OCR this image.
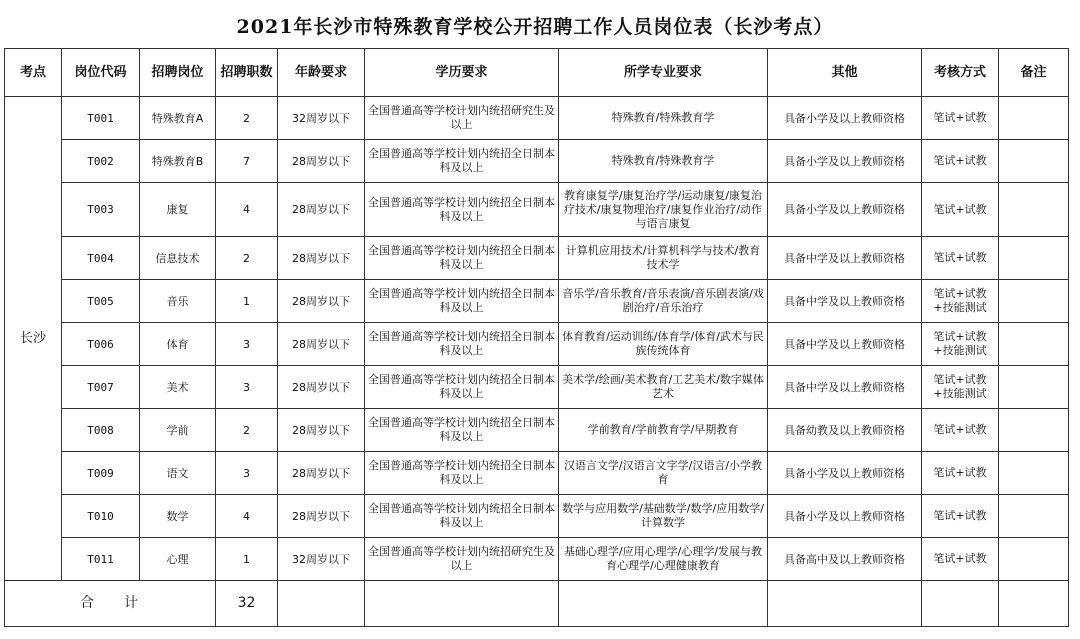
2021年长沙市特殊教育学校公开招聘工作人员岗位表（长沙考点）
考点	岗位代码	招聘岗位	招聘职数	年龄要求	学历要求	所学专业要求	其他	考核方式	备注
长沙	T001	特殊教育A	2	32周岁以下	全国普通高等学校计划内统招研究生及以上	特殊教育/特殊教育学	具备小学及以上教师资格	笔试+试教	
	T002	特殊教育B	7	28周岁以下	全国普通高等学校计划内统招全日制本科及以上	特殊教育/特殊教育学	具备小学及以上教师资格	笔试+试教	
	T003	康复	4	28周岁以下	全国普通高等学校计划内统招全日制本科及以上	教育康复学/康复治疗学/运动康复/康复治疗技术/康复物理治疗/康复作业治疗/动作与语言康复	具备小学及以上教师资格	笔试+试教	
	T004	信息技术	2	28周岁以下	全国普通高等学校计划内统招全日制本科及以上	计算机应用技术/计算机科学与技术/教育技术学	具备中学及以上教师资格	笔试+试教	
	T005	音乐	1	28周岁以下	全国普通高等学校计划内统招全日制本科及以上	音乐学/音乐教育/音乐表演/音乐剧表演/戏剧治疗/音乐治疗	具备中学及以上教师资格	笔试+试教+技能测试	
	T006	体育	3	28周岁以下	全国普通高等学校计划内统招全日制本科及以上	体育教育/运动训练/体育学/体育/武术与民族传统体育	具备中学及以上教师资格	笔试+试教+技能测试	
	T007	美术	3	28周岁以下	全国普通高等学校计划内统招全日制本科及以上	美术学/绘画/美术教育/工艺美术/数字媒体艺术	具备中学及以上教师资格	笔试+试教+技能测试	
	T008	学前	2	28周岁以下	全国普通高等学校计划内统招全日制本科及以上	学前教育/学前教育学/早期教育	具备幼教及以上教师资格	笔试+试教	
	T009	语文	3	28周岁以下	全国普通高等学校计划内统招全日制本科及以上	汉语言文学/汉语言文字学/汉语言/小学教育	具备小学及以上教师资格	笔试+试教	
	T010	数学	4	28周岁以下	全国普通高等学校计划内统招全日制本科及以上	数学与应用数学/基础数学/数学/应用数学/计算数学	具备小学及以上教师资格	笔试+试教	
	T011	心理	1	32周岁以下	全国普通高等学校计划内统招研究生及以上	基础心理学/应用心理学/心理学/发展与教育心理学/心理健康教育	具备高中及以上教师资格	笔试+试教	
合计			32						
